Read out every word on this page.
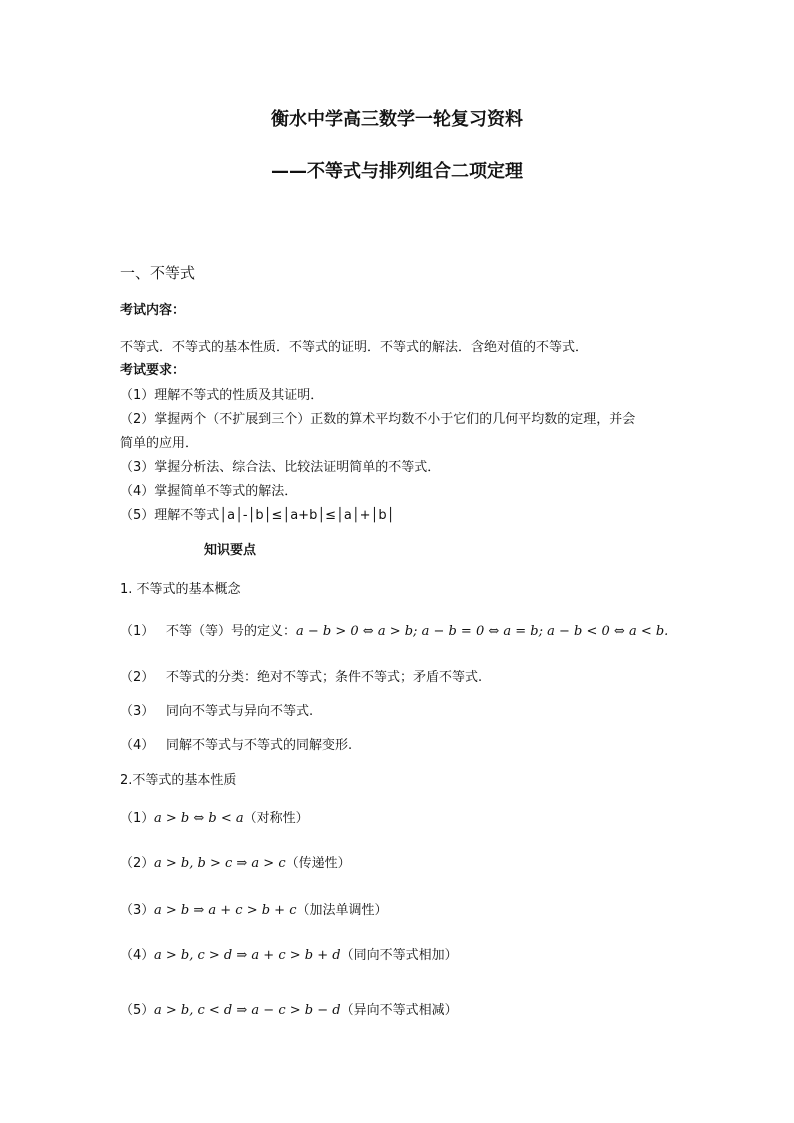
衡水中学高三数学一轮复习资料
——不等式与排列组合二项定理
一、不等式
考试内容：
不等式．不等式的基本性质．不等式的证明．不等式的解法．含绝对值的不等式．
考试要求：
（1）理解不等式的性质及其证明．
（2）掌握两个（不扩展到三个）正数的算术平均数不小于它们的几何平均数的定理，并会
简单的应用．
（3）掌握分析法、综合法、比较法证明简单的不等式．
（4）掌握简单不等式的解法．
（5）理解不等式│a│-│b│≤│a+b│≤│a│+│b│
知识要点
1. 不等式的基本概念
（1） 不等（等）号的定义：a − b > 0 ⇔ a > b; a − b = 0 ⇔ a = b; a − b < 0 ⇔ a < b.
（2） 不等式的分类：绝对不等式；条件不等式；矛盾不等式.
（3） 同向不等式与异向不等式.
（4） 同解不等式与不等式的同解变形.
2.不等式的基本性质
（1）a > b ⇔ b < a（对称性）
（2）a > b, b > c ⇒ a > c（传递性）
（3）a > b ⇒ a + c > b + c（加法单调性）
（4）a > b, c > d ⇒ a + c > b + d（同向不等式相加）
（5）a > b, c < d ⇒ a − c > b − d（异向不等式相减）
